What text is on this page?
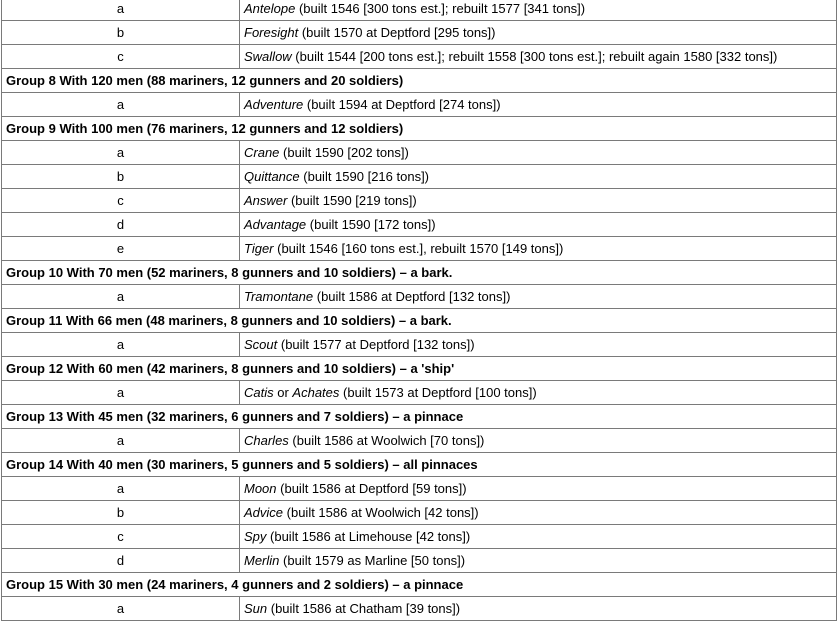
a	Antelope (built 1546 [300 tons est.]; rebuilt 1577 [341 tons])
b	Foresight (built 1570 at Deptford [295 tons])
c	Swallow (built 1544 [200 tons est.]; rebuilt 1558 [300 tons est.]; rebuilt again 1580 [332 tons])
Group 8 With 120 men (88 mariners, 12 gunners and 20 soldiers)	
a	Adventure (built 1594 at Deptford [274 tons])
Group 9 With 100 men (76 mariners, 12 gunners and 12 soldiers)	
a	Crane (built 1590 [202 tons])
b	Quittance (built 1590 [216 tons])
c	Answer (built 1590 [219 tons])
d	Advantage (built 1590 [172 tons])
e	Tiger (built 1546 [160 tons est.], rebuilt 1570 [149 tons])
Group 10 With 70 men (52 mariners, 8 gunners and 10 soldiers) – a bark.	
a	Tramontane (built 1586 at Deptford [132 tons])
Group 11 With 66 men (48 mariners, 8 gunners and 10 soldiers) – a bark.	
a	Scout (built 1577 at Deptford [132 tons])
Group 12 With 60 men (42 mariners, 8 gunners and 10 soldiers) – a 'ship'	
a	Catis or Achates (built 1573 at Deptford [100 tons])
Group 13 With 45 men (32 mariners, 6 gunners and 7 soldiers) – a pinnace	
a	Charles (built 1586 at Woolwich [70 tons])
Group 14 With 40 men (30 mariners, 5 gunners and 5 soldiers) – all pinnaces	
a	Moon (built 1586 at Deptford [59 tons])
b	Advice (built 1586 at Woolwich [42 tons])
c	Spy (built 1586 at Limehouse [42 tons])
d	Merlin (built 1579 as Marline [50 tons])
Group 15 With 30 men (24 mariners, 4 gunners and 2 soldiers) – a pinnace	
a	Sun (built 1586 at Chatham [39 tons])
